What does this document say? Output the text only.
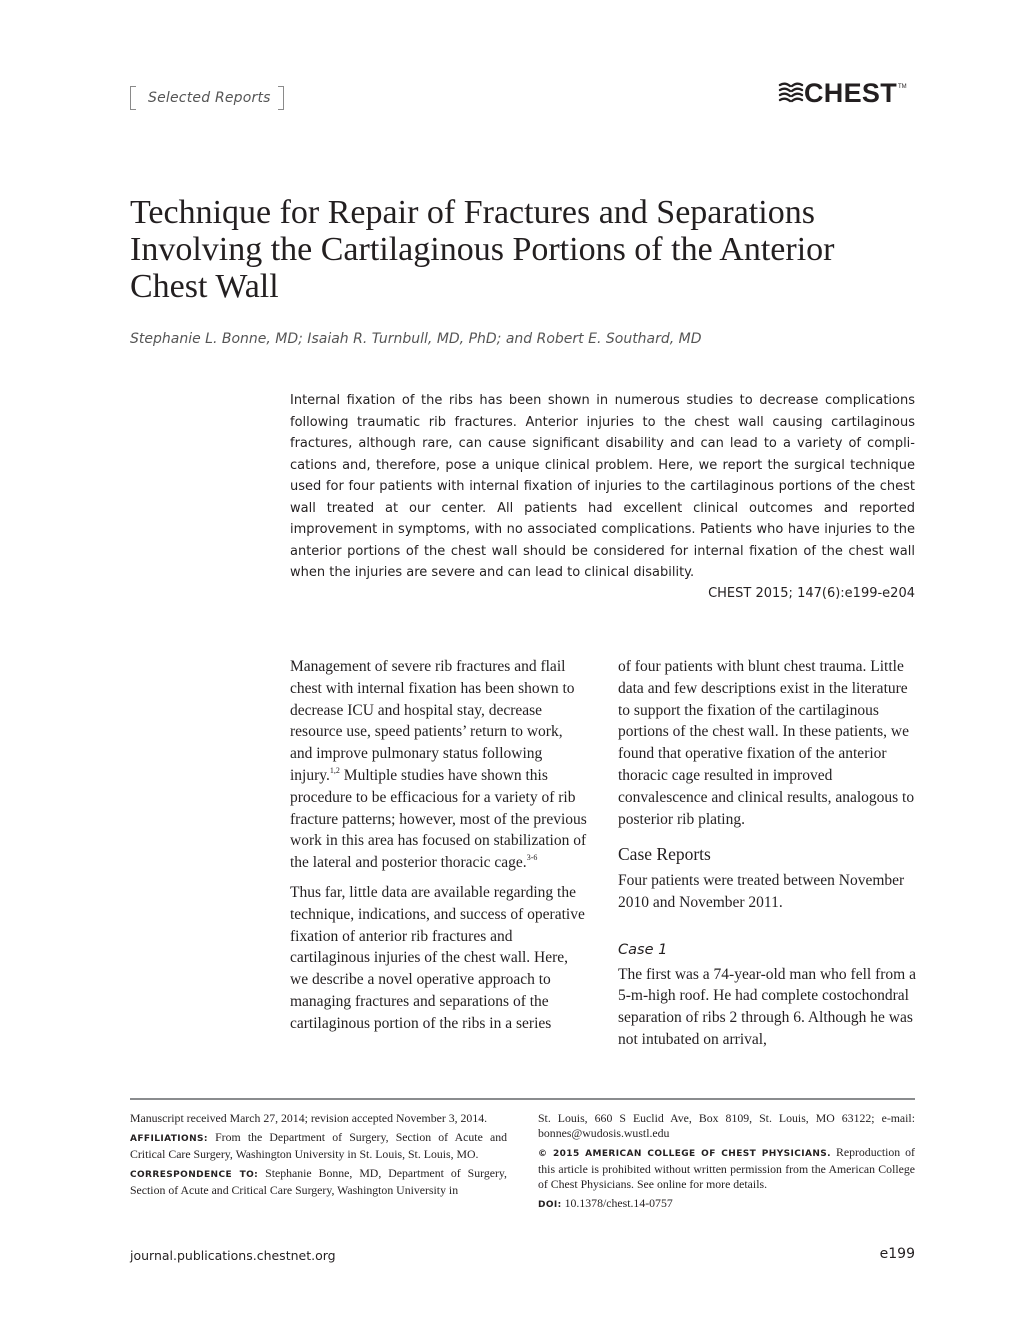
Selected Reports	CHEST TM
Technique for Repair of Fractures and Separations Involving the Cartilaginous Portions of the Anterior Chest Wall
Stephanie L. Bonne, MD; Isaiah R. Turnbull, MD, PhD; and Robert E. Southard, MD
Internal fixation of the ribs has been shown in numerous studies to decrease complications following traumatic rib fractures. Anterior injuries to the chest wall causing cartilaginous fractures, although rare, can cause significant disability and can lead to a variety of compli-cations and, therefore, pose a unique clinical problem. Here, we report the surgical technique used for four patients with internal fixation of injuries to the cartilaginous portions of the chest wall treated at our center. All patients had excellent clinical outcomes and reported improvement in symptoms, with no associated complications. Patients who have injuries to the anterior portions of the chest wall should be considered for internal fixation of the chest wall when the injuries are severe and can lead to clinical disability.
CHEST 2015; 147(6):e199-e204

Management of severe rib fractures and flail chest with internal fixation has been shown to decrease ICU and hospital stay, decrease resource use, speed patients’ return to work, and improve pulmonary status following injury.$^{1,2}$ Multiple studies have shown this procedure to be efficacious for a variety of rib fracture patterns; however, most of the previous work in this area has focused on stabilization of the lateral and posterior thoracic cage.$^{3-6}$

Thus far, little data are available regarding the technique, indications, and success of operative fixation of anterior rib fractures and cartilaginous injuries of the chest wall. Here, we describe a novel operative approach to managing fractures and separations of the cartilaginous portion of the ribs in a series

of four patients with blunt chest trauma. Little data and few descriptions exist in the literature to support the fixation of the cartilaginous portions of the chest wall. In these patients, we found that operative fixation of the anterior thoracic cage resulted in improved convalescence and clinical results, analogous to posterior rib plating.

Case Reports

Four patients were treated between November 2010 and November 2011.

Case 1

The first was a 74-year-old man who fell from a 5-m-high roof. He had complete costochondral separation of ribs 2 through 6. Although he was not intubated on arrival,

Manuscript received March 27, 2014; revision accepted November 3, 2014.

AFFILIATIONS: From the Department of Surgery, Section of Acute and Critical Care Surgery, Washington University in St. Louis, St. Louis, MO.

CORRESPONDENCE TO: Stephanie Bonne, MD, Department of Surgery, Section of Acute and Critical Care Surgery, Washington University in

St. Louis, 660 S Euclid Ave, Box 8109, St. Louis, MO 63122; e-mail: bonnes@wudosis.wustl.edu

© 2015 AMERICAN COLLEGE OF CHEST PHYSICIANS. Reproduction of this article is prohibited without written permission from the American College of Chest Physicians. See online for more details.

DOI: 10.1378/chest.14-0757

journal.publications.chestnet.org	e199
